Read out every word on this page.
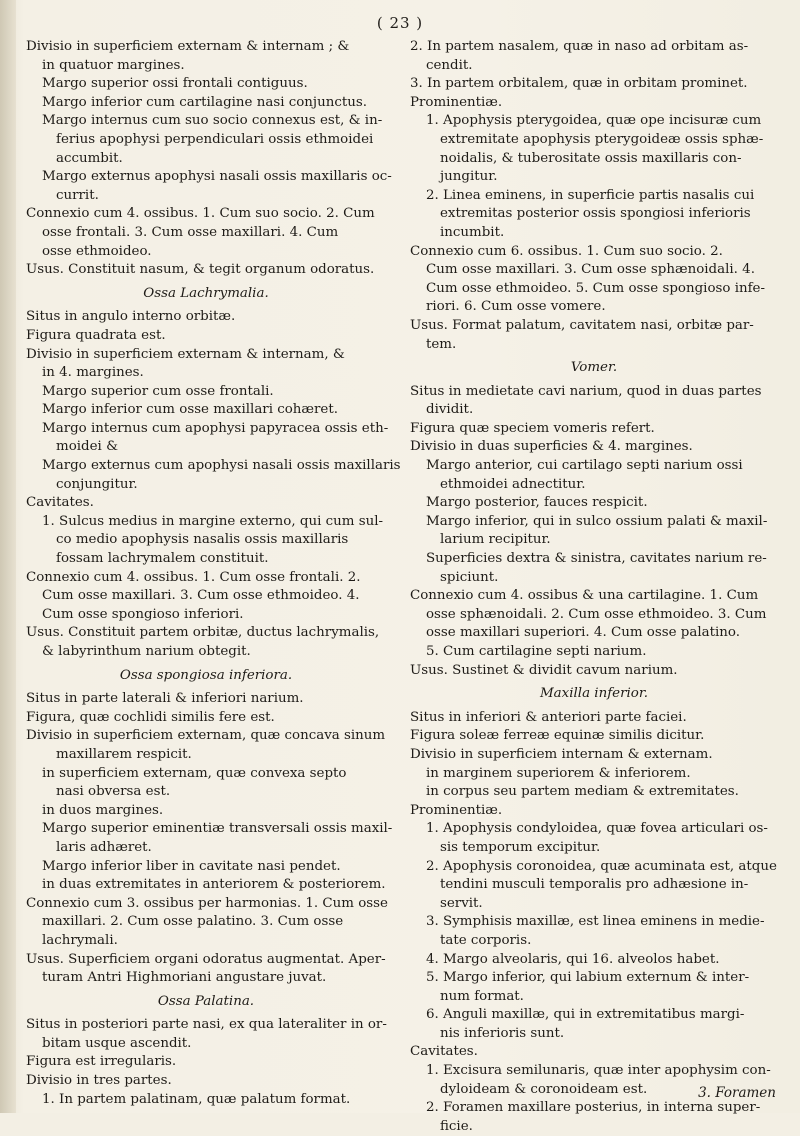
( 23 )
Divisio in superficiem externam & internam ; &
in quatuor margines.
Margo superior ossi frontali contiguus.
Margo inferior cum cartilagine nasi conjunctus.
Margo internus cum suo socio connexus est, & in-
ferius apophysi perpendiculari ossis ethmoidei
accumbit.
Margo externus apophysi nasali ossis maxillaris oc-
currit.
Connexio cum 4. ossibus. 1. Cum suo socio. 2. Cum
osse frontali. 3. Cum osse maxillari. 4. Cum
osse ethmoideo.
Usus. Constituit nasum, & tegit organum odoratus.
Ossa Lachrymalia.
Situs in angulo interno orbitæ.
Figura quadrata est.
Divisio in superficiem externam & internam, &
in 4. margines.
Margo superior cum osse frontali.
Margo inferior cum osse maxillari cohæret.
Margo internus cum apophysi papyracea ossis eth-
moidei &
Margo externus cum apophysi nasali ossis maxillaris
conjungitur.
Cavitates.
1. Sulcus medius in margine externo, qui cum sul-
co medio apophysis nasalis ossis maxillaris
fossam lachrymalem constituit.
Connexio cum 4. ossibus. 1. Cum osse frontali. 2.
Cum osse maxillari. 3. Cum osse ethmoideo. 4.
Cum osse spongioso inferiori.
Usus. Constituit partem orbitæ, ductus lachrymalis,
& labyrinthum narium obtegit.
Ossa spongiosa inferiora.
Situs in parte laterali & inferiori narium.
Figura, quæ cochlidi similis fere est.
Divisio in superficiem externam, quæ concava sinum
maxillarem respicit.
in superficiem externam, quæ convexa septo
nasi obversa est.
in duos margines.
Margo superior eminentiæ transversali ossis maxil-
laris adhæret.
Margo inferior liber in cavitate nasi pendet.
in duas extremitates in anteriorem & posteriorem.
Connexio cum 3. ossibus per harmonias. 1. Cum osse
maxillari. 2. Cum osse palatino. 3. Cum osse
lachrymali.
Usus. Superficiem organi odoratus augmentat. Aper-
turam Antri Highmoriani angustare juvat.
Ossa Palatina.
Situs in posteriori parte nasi, ex qua lateraliter in or-
bitam usque ascendit.
Figura est irregularis.
Divisio in tres partes.
1. In partem palatinam, quæ palatum format.
2. In partem nasalem, quæ in naso ad orbitam as-
cendit.
3. In partem orbitalem, quæ in orbitam prominet.
Prominentiæ.
1. Apophysis pterygoidea, quæ ope incisuræ cum
extremitate apophysis pterygoideæ ossis sphæ-
noidalis, & tuberositate ossis maxillaris con-
jungitur.
2. Linea eminens, in superficie partis nasalis cui
extremitas posterior ossis spongiosi inferioris
incumbit.
Connexio cum 6. ossibus. 1. Cum suo socio. 2.
Cum osse maxillari. 3. Cum osse sphænoidali. 4.
Cum osse ethmoideo. 5. Cum osse spongioso infe-
riori. 6. Cum osse vomere.
Usus. Format palatum, cavitatem nasi, orbitæ par-
tem.
Vomer.
Situs in medietate cavi narium, quod in duas partes
dividit.
Figura quæ speciem vomeris refert.
Divisio in duas superficies & 4. margines.
Margo anterior, cui cartilago septi narium ossi
ethmoidei adnectitur.
Margo posterior, fauces respicit.
Margo inferior, qui in sulco ossium palati & maxil-
larium recipitur.
Superficies dextra & sinistra, cavitates narium re-
spiciunt.
Connexio cum 4. ossibus & una cartilagine. 1. Cum
osse sphænoidali. 2. Cum osse ethmoideo. 3. Cum
osse maxillari superiori. 4. Cum osse palatino.
5. Cum cartilagine septi narium.
Usus. Sustinet & dividit cavum narium.
Maxilla inferior.
Situs in inferiori & anteriori parte faciei.
Figura soleæ ferreæ equinæ similis dicitur.
Divisio in superficiem internam & externam.
in marginem superiorem & inferiorem.
in corpus seu partem mediam & extremitates.
Prominentiæ.
1. Apophysis condyloidea, quæ fovea articulari os-
sis temporum excipitur.
2. Apophysis coronoidea, quæ acuminata est, atque
tendini musculi temporalis pro adhæsione in-
servit.
3. Symphisis maxillæ, est linea eminens in medie-
tate corporis.
4. Margo alveolaris, qui 16. alveolos habet.
5. Margo inferior, qui labium externum & inter-
num format.
6. Anguli maxillæ, qui in extremitatibus margi-
nis inferioris sunt.
Cavitates.
1. Excisura semilunaris, quæ inter apophysim con-
dyloideam & coronoideam est.
2. Foramen maxillare posterius, in interna super-
ficie.
3. Foramen
